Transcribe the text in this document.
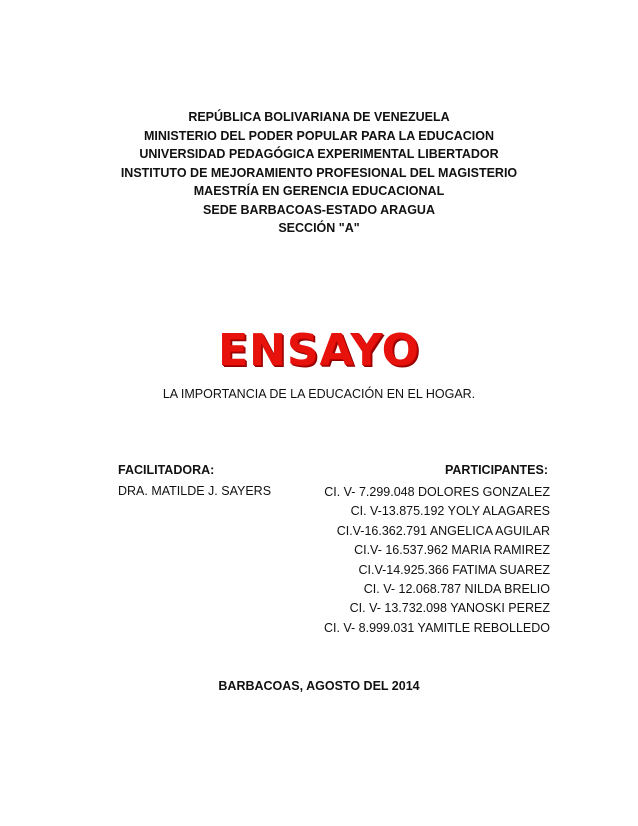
REPÚBLICA BOLIVARIANA DE VENEZUELA
MINISTERIO DEL PODER POPULAR PARA LA EDUCACION
UNIVERSIDAD PEDAGÓGICA EXPERIMENTAL LIBERTADOR
INSTITUTO DE MEJORAMIENTO PROFESIONAL DEL MAGISTERIO
MAESTRÍA EN GERENCIA EDUCACIONAL
SEDE BARBACOAS-ESTADO ARAGUA
SECCIÓN "A"
ENSAYO
LA IMPORTANCIA DE LA EDUCACIÓN EN EL HOGAR.
FACILITADORA:
DRA. MATILDE J. SAYERS
PARTICIPANTES:
CI. V- 7.299.048 DOLORES GONZALEZ
CI. V-13.875.192 YOLY ALAGARES
CI.V-16.362.791 ANGELICA AGUILAR
CI.V- 16.537.962 MARIA RAMIREZ
CI.V-14.925.366 FATIMA SUAREZ
CI. V- 12.068.787 NILDA BRELIO
CI. V- 13.732.098 YANOSKI PEREZ
CI. V- 8.999.031 YAMITLE REBOLLEDO
BARBACOAS, AGOSTO DEL 2014
